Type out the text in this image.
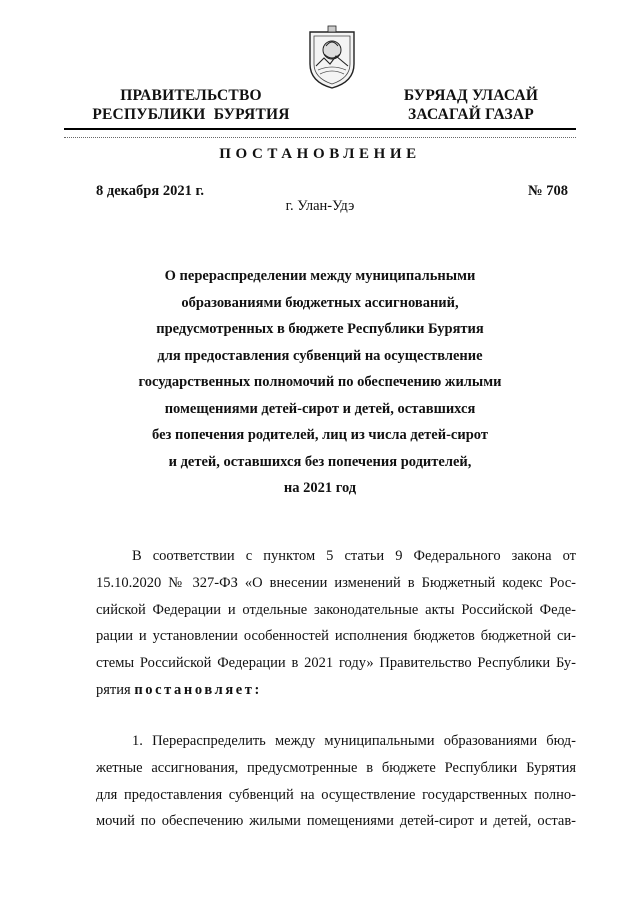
ПРАВИТЕЛЬСТВО
РЕСПУБЛИКИ  БУРЯТИЯ
БУРЯАД УЛАСАЙ
ЗАСАГАЙ ГАЗАР
ПОСТАНОВЛЕНИЕ
8 декабря 2021 г.	№ 708
г. Улан-Удэ
О перераспределении между муниципальными
образованиями бюджетных ассигнований,
предусмотренных в бюджете Республики Бурятия
для предоставления субвенций на осуществление
государственных полномочий по обеспечению жилыми
помещениями детей-сирот и детей, оставшихся
без попечения родителей, лиц из числа детей-сирот
и детей, оставшихся без попечения родителей,
на 2021 год
В соответствии с пунктом 5 статьи 9 Федерального закона от
15.10.2020 № 327-ФЗ «О внесении изменений в Бюджетный кодекс Рос-
сийской Федерации и отдельные законодательные акты Российской Феде-
рации и установлении особенностей исполнения бюджетов бюджетной си-
стемы Российской Федерации в 2021 году» Правительство Республики Бу-
рятия постановляет:
1. Перераспределить между муниципальными образованиями бюд-
жетные ассигнования, предусмотренные в бюджете Республики Бурятия
для предоставления субвенций на осуществление государственных полно-
мочий по обеспечению жилыми помещениями детей-сирот и детей, остав-
